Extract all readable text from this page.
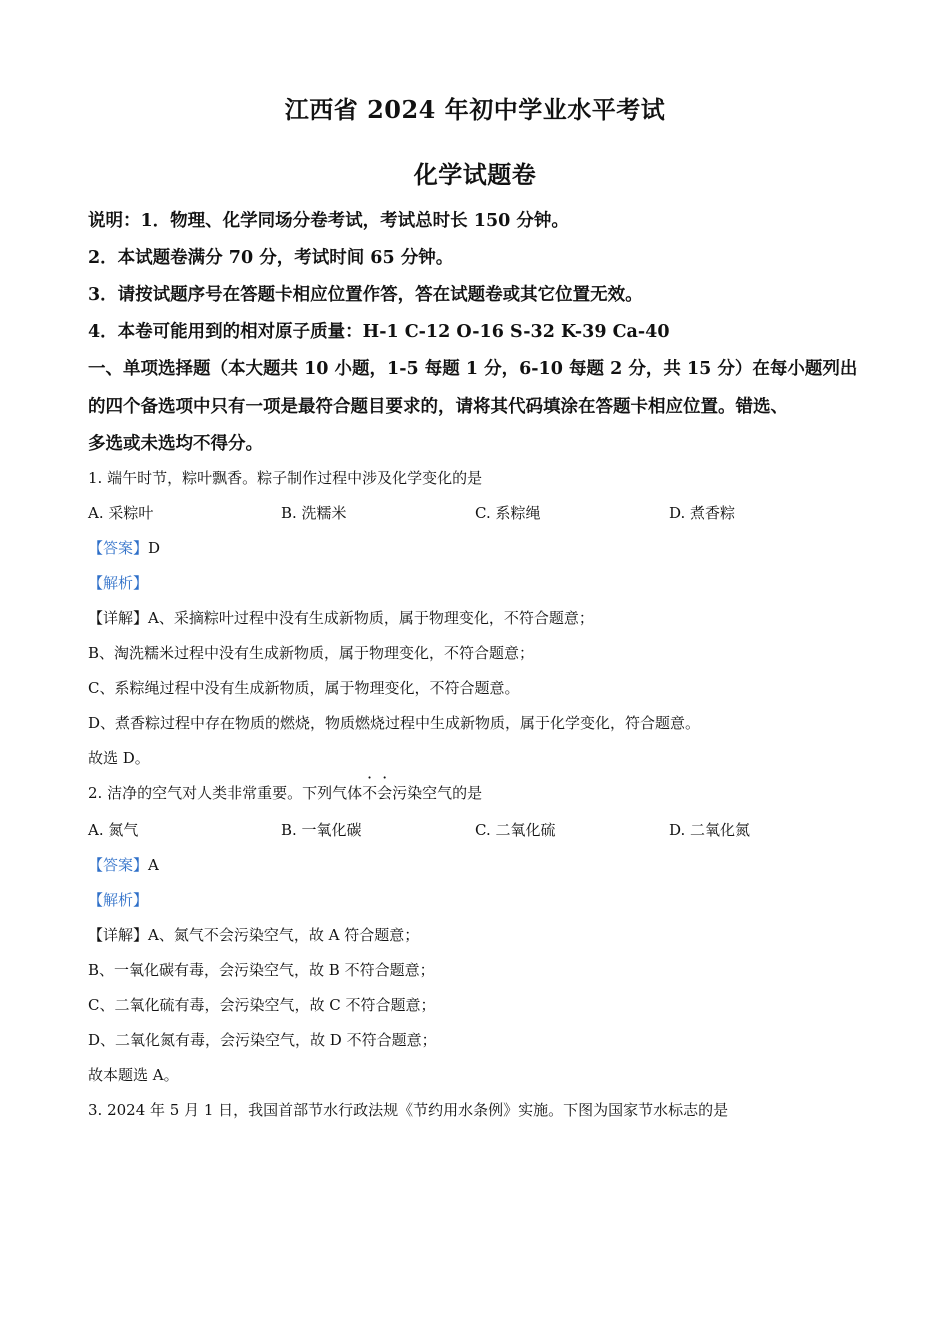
江西省 2024 年初中学业水平考试
化学试题卷
说明：1．物理、化学同场分卷考试，考试总时长 150 分钟。
2．本试题卷满分 70 分，考试时间 65 分钟。
3．请按试题序号在答题卡相应位置作答，答在试题卷或其它位置无效。
4．本卷可能用到的相对原子质量：H-1 C-12 O-16 S-32 K-39 Ca-40
一、单项选择题（本大题共 10 小题，1-5 每题 1 分，6-10 每题 2 分，共 15 分）在每小题列出
的四个备选项中只有一项是最符合题目要求的，请将其代码填涂在答题卡相应位置。错选、
多选或未选均不得分。
1. 端午时节，粽叶飘香。粽子制作过程中涉及化学变化的是
A. 采粽叶	B. 洗糯米	C. 系粽绳	D. 煮香粽
【答案】D
【解析】
【详解】A、采摘粽叶过程中没有生成新物质，属于物理变化，不符合题意；
B、淘洗糯米过程中没有生成新物质，属于物理变化，不符合题意；
C、系粽绳过程中没有生成新物质，属于物理变化，不符合题意。
D、煮香粽过程中存在物质的燃烧，物质燃烧过程中生成新物质，属于化学变化，符合题意。
故选 D。
2. 洁净的空气对人类非常重要。下列气体不会污染空气的是
A. 氮气	B. 一氧化碳	C. 二氧化硫	D. 二氧化氮
【答案】A
【解析】
【详解】A、氮气不会污染空气，故 A 符合题意；
B、一氧化碳有毒，会污染空气，故 B 不符合题意；
C、二氧化硫有毒，会污染空气，故 C 不符合题意；
D、二氧化氮有毒，会污染空气，故 D 不符合题意；
故本题选 A。
3. 2024 年 5 月 1 日，我国首部节水行政法规《节约用水条例》实施。下图为国家节水标志的是
